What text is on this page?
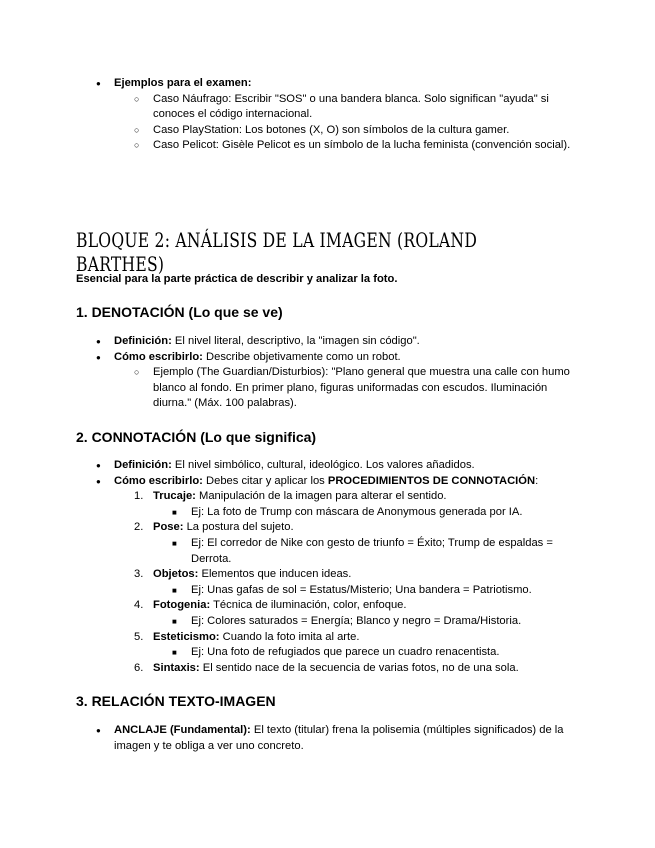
● Ejemplos para el examen:
○ Caso Náufrago: Escribir "SOS" o una bandera blanca. Solo significan "ayuda" si conoces el código internacional.
○ Caso PlayStation: Los botones (X, O) son símbolos de la cultura gamer.
○ Caso Pelicot: Gisèle Pelicot es un símbolo de la lucha feminista (convención social).
BLOQUE 2: ANÁLISIS DE LA IMAGEN (ROLAND BARTHES)

Esencial para la parte práctica de describir y analizar la foto.

1. DENOTACIÓN (Lo que se ve)
● Definición: El nivel literal, descriptivo, la "imagen sin código".
● Cómo escribirlo: Describe objetivamente como un robot.
○ Ejemplo (The Guardian/Disturbios): "Plano general que muestra una calle con humo blanco al fondo. En primer plano, figuras uniformadas con escudos. Iluminación diurna." (Máx. 100 palabras).
2. CONNOTACIÓN (Lo que significa)
● Definición: El nivel simbólico, cultural, ideológico. Los valores añadidos.
● Cómo escribirlo: Debes citar y aplicar los PROCEDIMIENTOS DE CONNOTACIÓN:
1. Trucaje: Manipulación de la imagen para alterar el sentido.
■ Ej: La foto de Trump con máscara de Anonymous generada por IA.
2. Pose: La postura del sujeto.
■ Ej: El corredor de Nike con gesto de triunfo = Éxito; Trump de espaldas = Derrota.
3. Objetos: Elementos que inducen ideas.
■ Ej: Unas gafas de sol = Estatus/Misterio; Una bandera = Patriotismo.
4. Fotogenia: Técnica de iluminación, color, enfoque.
■ Ej: Colores saturados = Energía; Blanco y negro = Drama/Historia.
5. Esteticismo: Cuando la foto imita al arte.
■ Ej: Una foto de refugiados que parece un cuadro renacentista.
6. Sintaxis: El sentido nace de la secuencia de varias fotos, no de una sola.
3. RELACIÓN TEXTO-IMAGEN
● ANCLAJE (Fundamental): El texto (titular) frena la polisemia (múltiples significados) de la imagen y te obliga a ver uno concreto.
